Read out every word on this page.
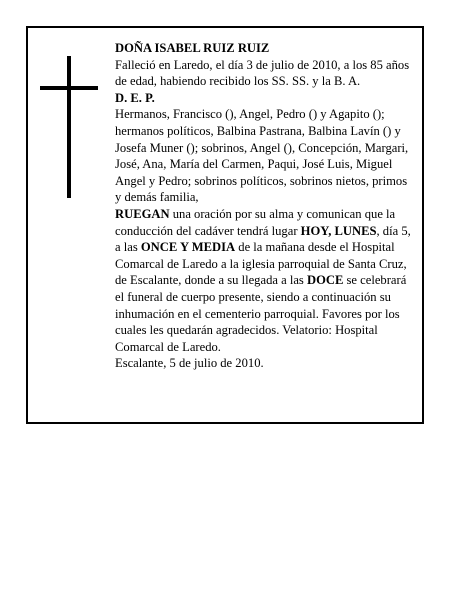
DOÑA ISABEL RUIZ RUIZ

Falleció en Laredo, el día 3 de julio de 2010, a los 85 años de edad, habiendo recibido los SS. SS. y la B. A.

D. E. P.

Hermanos, Francisco (), Angel, Pedro () y Agapito (); hermanos políticos, Balbina Pastrana, Balbina Lavín () y Josefa Muner (); sobrinos, Angel (), Concepción, Margari, José, Ana, María del Carmen, Paqui, José Luis, Miguel Angel y Pedro; sobrinos políticos, sobrinos nietos, primos y demás familia,

RUEGAN una oración por su alma y comunican que la conducción del cadáver tendrá lugar HOY, LUNES, día 5, a las ONCE Y MEDIA de la mañana desde el Hospital Comarcal de Laredo a la iglesia parroquial de Santa Cruz, de Escalante, donde a su llegada a las DOCE se celebrará el funeral de cuerpo presente, siendo a continuación su inhumación en el cementerio parroquial. Favores por los cuales les quedarán agradecidos. Velatorio: Hospital Comarcal de Laredo.

Escalante, 5 de julio de 2010.
